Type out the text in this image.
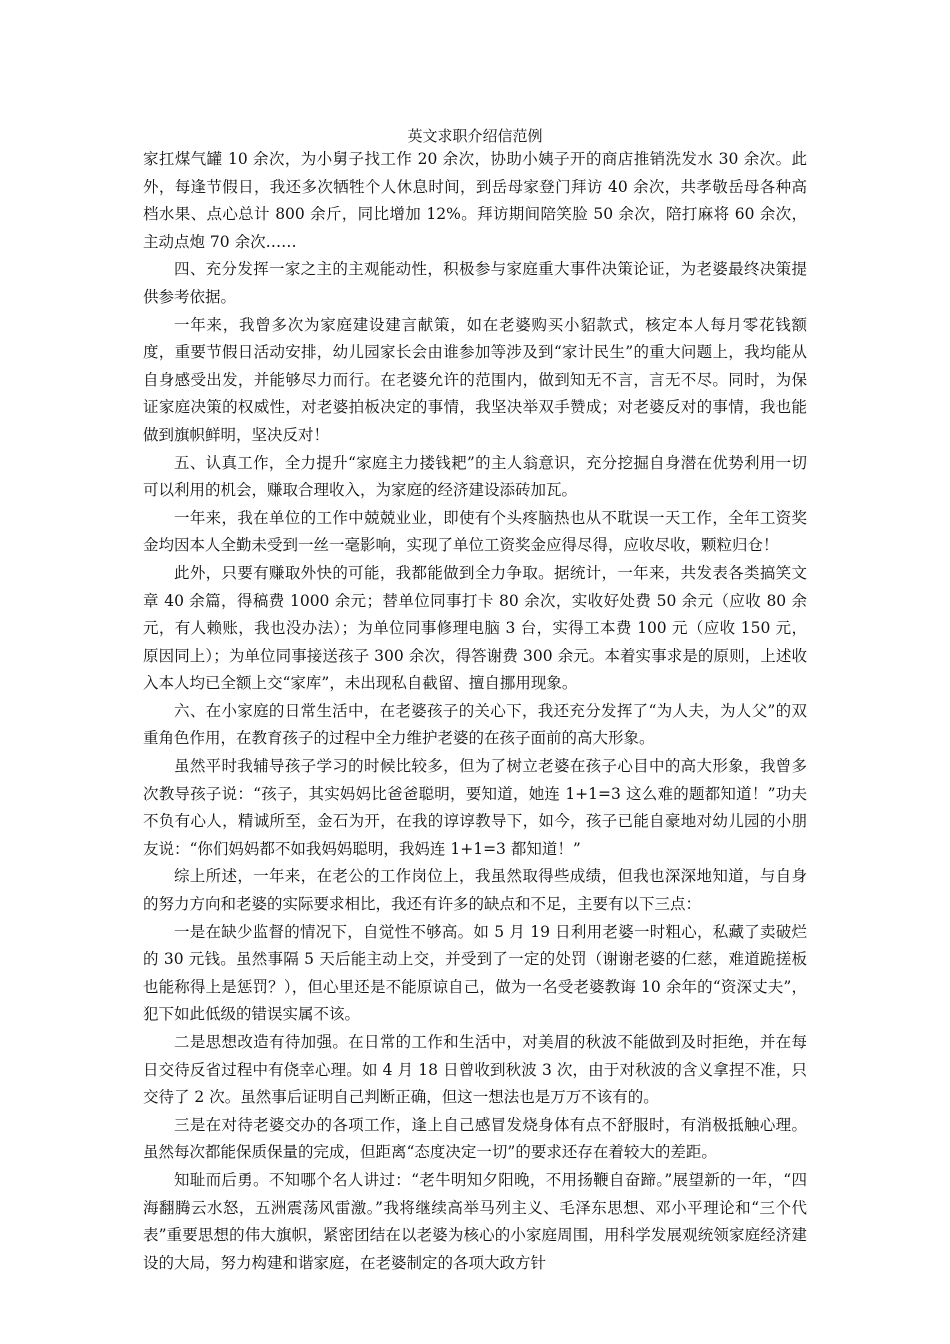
英文求职介绍信范例

家扛煤气罐 10 余次，为小舅子找工作 20 余次，协助小姨子开的商店推销洗发水 30 余次。此外，每逢节假日，我还多次牺牲个人休息时间，到岳母家登门拜访 40 余次，共孝敬岳母各种高档水果、点心总计 800 余斤，同比增加 12%。拜访期间陪笑脸 50 余次，陪打麻将 60 余次，主动点炮 70 余次……

四、充分发挥一家之主的主观能动性，积极参与家庭重大事件决策论证，为老婆最终决策提供参考依据。

一年来，我曾多次为家庭建设建言献策，如在老婆购买小貂款式，核定本人每月零花钱额度，重要节假日活动安排，幼儿园家长会由谁参加等涉及到“家计民生”的重大问题上，我均能从自身感受出发，并能够尽力而行。在老婆允许的范围内，做到知无不言，言无不尽。同时，为保证家庭决策的权威性，对老婆拍板决定的事情，我坚决举双手赞成；对老婆反对的事情，我也能做到旗帜鲜明，坚决反对！

五、认真工作，全力提升“家庭主力搂钱耙”的主人翁意识，充分挖掘自身潜在优势利用一切可以利用的机会，赚取合理收入，为家庭的经济建设添砖加瓦。

一年来，我在单位的工作中兢兢业业，即使有个头疼脑热也从不耽误一天工作，全年工资奖金均因本人全勤未受到一丝一毫影响，实现了单位工资奖金应得尽得，应收尽收，颗粒归仓！

此外，只要有赚取外快的可能，我都能做到全力争取。据统计，一年来，共发表各类搞笑文章 40 余篇，得稿费 1000 余元；替单位同事打卡 80 余次，实收好处费 50 余元（应收 80 余元，有人赖账，我也没办法）；为单位同事修理电脑 3 台，实得工本费 100 元（应收 150 元，原因同上）；为单位同事接送孩子 300 余次，得答谢费 300 余元。本着实事求是的原则，上述收入本人均已全额上交“家库”，未出现私自截留、擅自挪用现象。

六、在小家庭的日常生活中，在老婆孩子的关心下，我还充分发挥了“为人夫，为人父”的双重角色作用，在教育孩子的过程中全力维护老婆的在孩子面前的高大形象。

虽然平时我辅导孩子学习的时候比较多，但为了树立老婆在孩子心目中的高大形象，我曾多次教导孩子说：“孩子，其实妈妈比爸爸聪明，要知道，她连 1+1=3 这么难的题都知道！”功夫不负有心人，精诚所至，金石为开，在我的谆谆教导下，如今，孩子已能自豪地对幼儿园的小朋友说：“你们妈妈都不如我妈妈聪明，我妈连 1+1=3 都知道！”

综上所述，一年来，在老公的工作岗位上，我虽然取得些成绩，但我也深深地知道，与自身的努力方向和老婆的实际要求相比，我还有许多的缺点和不足，主要有以下三点：

一是在缺少监督的情况下，自觉性不够高。如 5 月 19 日利用老婆一时粗心，私藏了卖破烂的 30 元钱。虽然事隔 5 天后能主动上交，并受到了一定的处罚（谢谢老婆的仁慈，难道跪搓板也能称得上是惩罚？），但心里还是不能原谅自己，做为一名受老婆教诲 10 余年的“资深丈夫”，犯下如此低级的错误实属不该。

二是思想改造有待加强。在日常的工作和生活中，对美眉的秋波不能做到及时拒绝，并在每日交待反省过程中有侥幸心理。如 4 月 18 日曾收到秋波 3 次，由于对秋波的含义拿捏不准，只交待了 2 次。虽然事后证明自己判断正确，但这一想法也是万万不该有的。

三是在对待老婆交办的各项工作，逢上自己感冒发烧身体有点不舒服时，有消极抵触心理。虽然每次都能保质保量的完成，但距离“态度决定一切”的要求还存在着较大的差距。

知耻而后勇。不知哪个名人讲过：“老牛明知夕阳晚，不用扬鞭自奋蹄。”展望新的一年，“四海翻腾云水怒，五洲震荡风雷激。”我将继续高举马列主义、毛泽东思想、邓小平理论和“三个代表”重要思想的伟大旗帜，紧密团结在以老婆为核心的小家庭周围，用科学发展观统领家庭经济建设的大局，努力构建和谐家庭，在老婆制定的各项大政方针
